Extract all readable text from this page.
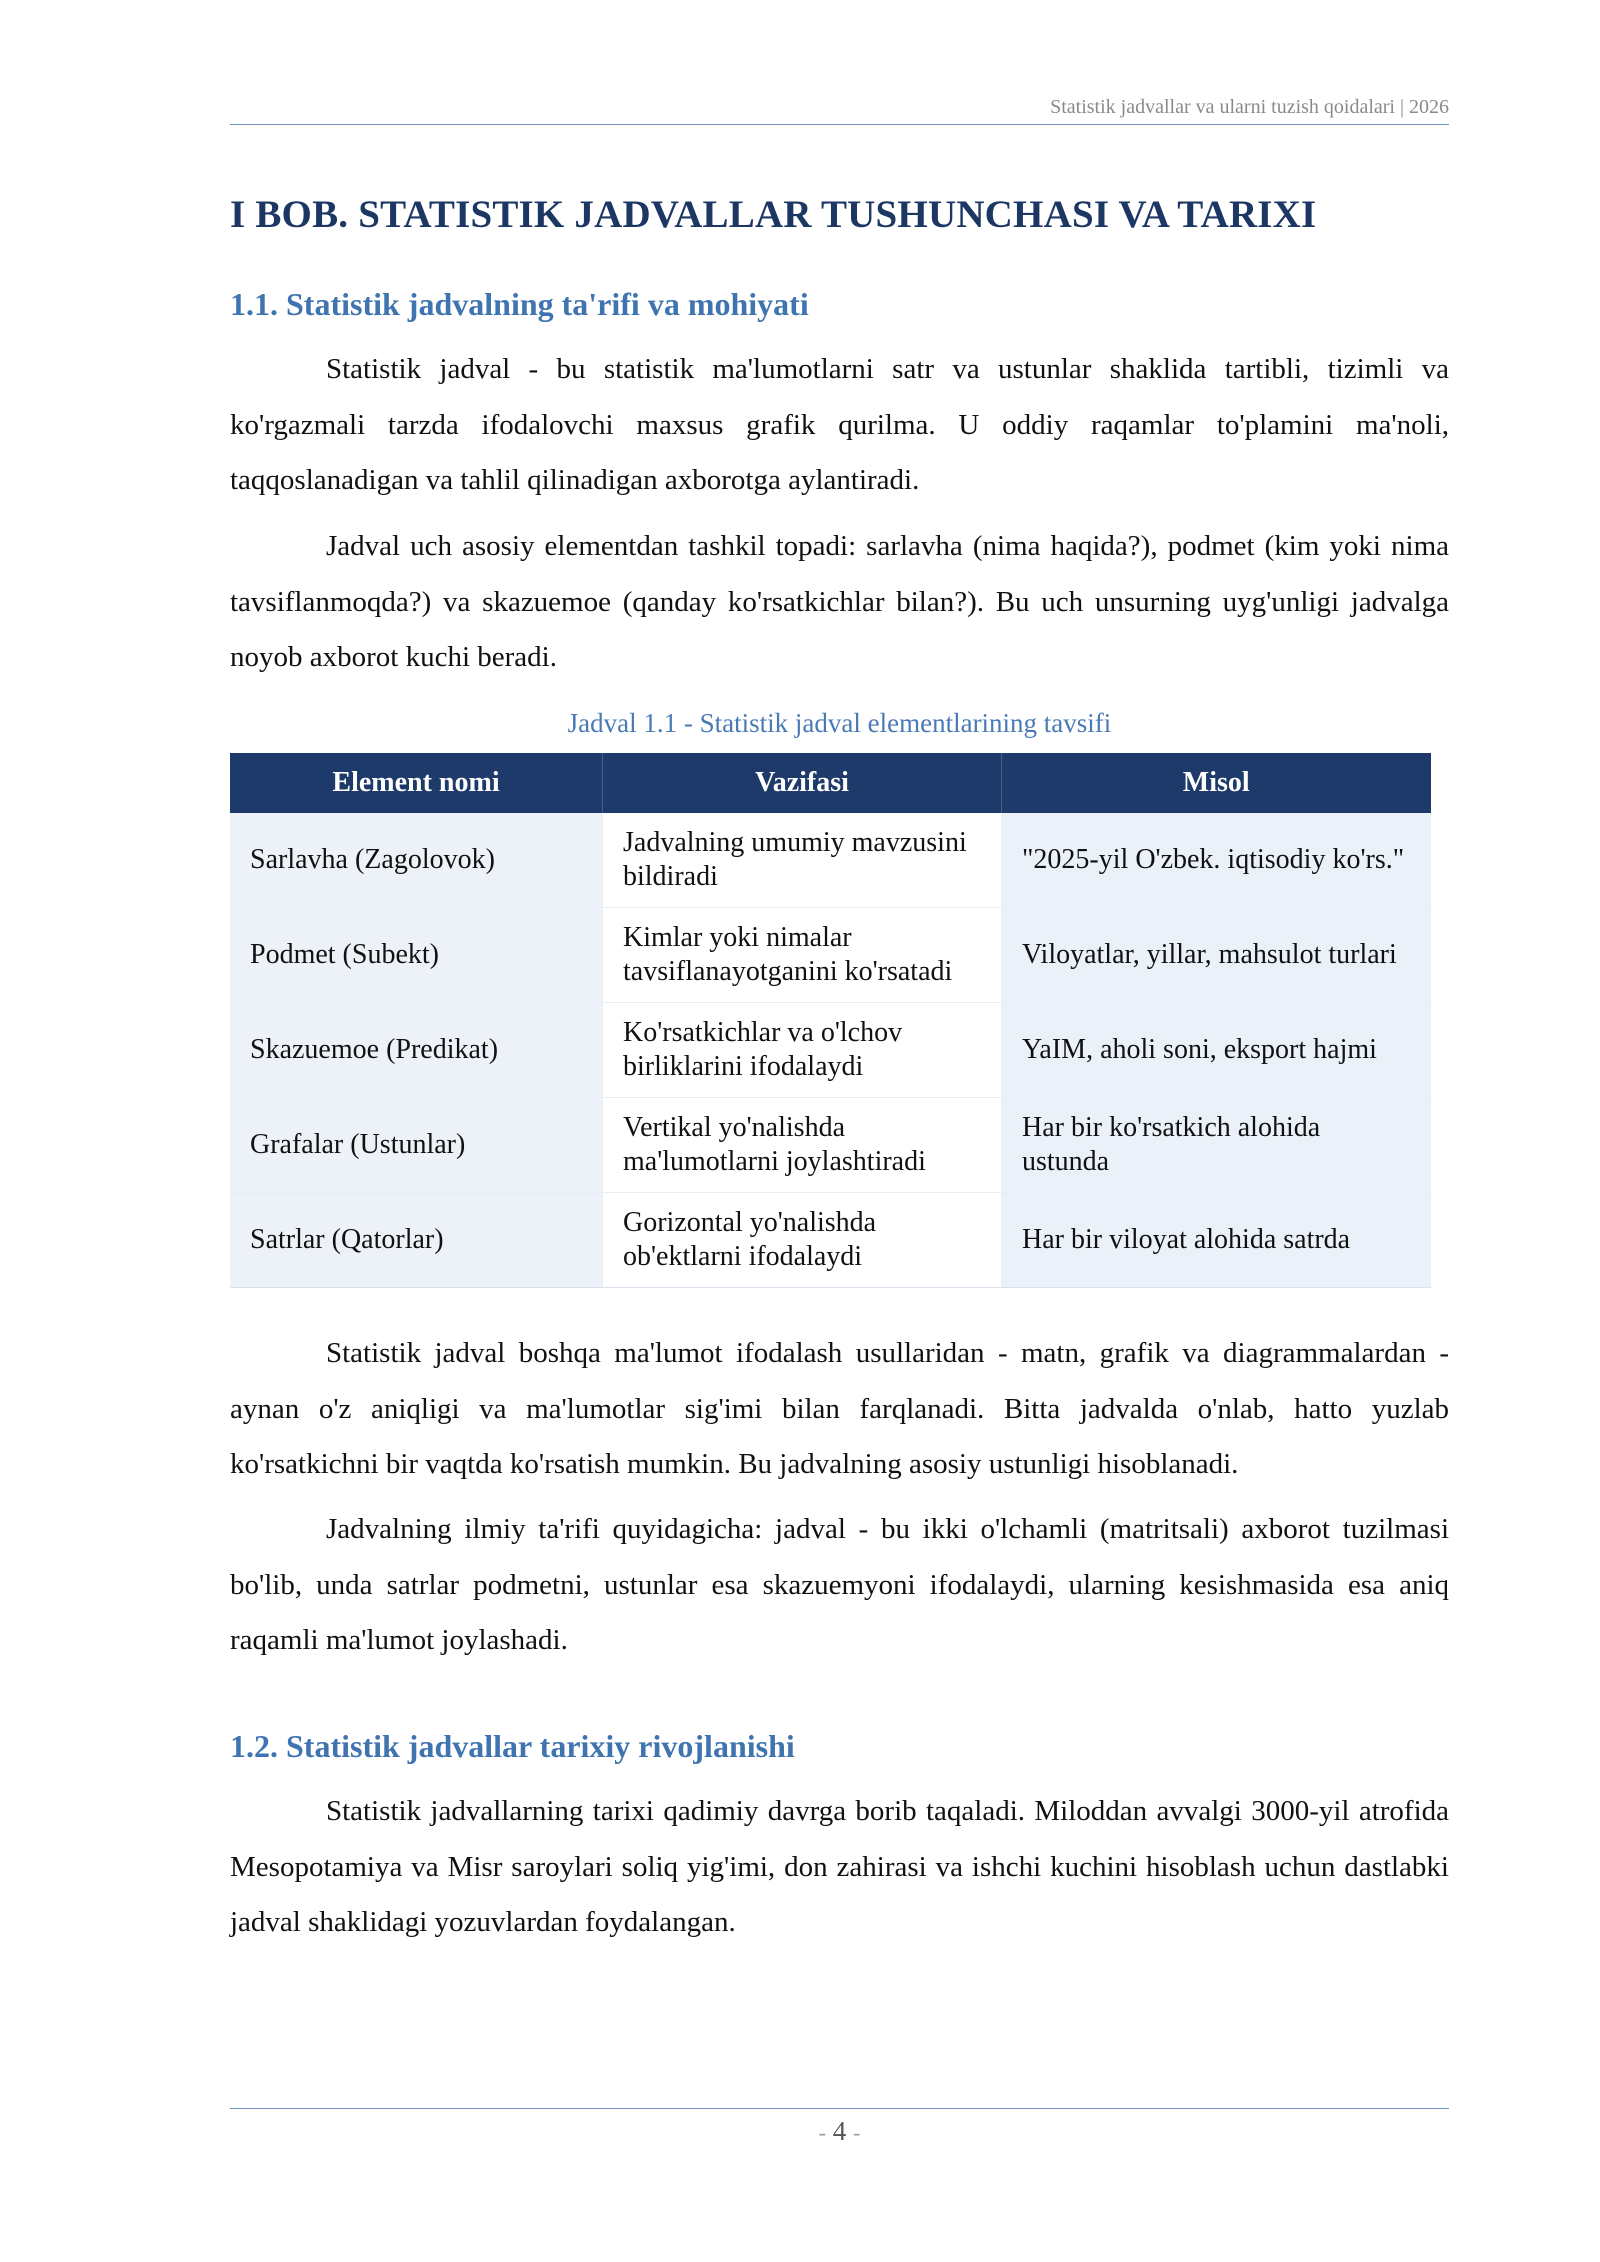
Statistik jadvallar va ularni tuzish qoidalari | 2026
I BOB. STATISTIK JADVALLAR TUSHUNCHASI VA TARIXI
1.1. Statistik jadvalning ta'rifi va mohiyati

Statistik jadval - bu statistik ma'lumotlarni satr va ustunlar shaklida tartibli, tizimli va ko'rgazmali tarzda ifodalovchi maxsus grafik qurilma. U oddiy raqamlar to'plamini ma'noli, taqqoslanadigan va tahlil qilinadigan axborotga aylantiradi.

Jadval uch asosiy elementdan tashkil topadi: sarlavha (nima haqida?), podmet (kim yoki nima tavsiflanmoqda?) va skazuemoe (qanday ko'rsatkichlar bilan?). Bu uch unsurning uyg'unligi jadvalga noyob axborot kuchi beradi.

Jadval 1.1 - Statistik jadval elementlarining tavsifi
Element nomi	Vazifasi	Misol
Sarlavha (Zagolovok)	Jadvalning umumiy mavzusini bildiradi	"2025-yil O'zbek. iqtisodiy ko'rs."
Podmet (Subekt)	Kimlar yoki nimalar tavsiflanayotganini ko'rsatadi	Viloyatlar, yillar, mahsulot turlari
Skazuemoe (Predikat)	Ko'rsatkichlar va o'lchov birliklarini ifodalaydi	YaIM, aholi soni, eksport hajmi
Grafalar (Ustunlar)	Vertikal yo'nalishda ma'lumotlarni joylashtiradi	Har bir ko'rsatkich alohida ustunda
Satrlar (Qatorlar)	Gorizontal yo'nalishda ob'ektlarni ifodalaydi	Har bir viloyat alohida satrda

Statistik jadval boshqa ma'lumot ifodalash usullaridan - matn, grafik va diagrammalardan - aynan o'z aniqligi va ma'lumotlar sig'imi bilan farqlanadi. Bitta jadvalda o'nlab, hatto yuzlab ko'rsatkichni bir vaqtda ko'rsatish mumkin. Bu jadvalning asosiy ustunligi hisoblanadi.

Jadvalning ilmiy ta'rifi quyidagicha: jadval - bu ikki o'lchamli (matritsali) axborot tuzilmasi bo'lib, unda satrlar podmetni, ustunlar esa skazuemyoni ifodalaydi, ularning kesishmasida esa aniq raqamli ma'lumot joylashadi.

1.2. Statistik jadvallar tarixiy rivojlanishi

Statistik jadvallarning tarixi qadimiy davrga borib taqaladi. Miloddan avvalgi 3000-yil atrofida Mesopotamiya va Misr saroylari soliq yig'imi, don zahirasi va ishchi kuchini hisoblash uchun dastlabki jadval shaklidagi yozuvlardan foydalangan.

- 4 -
